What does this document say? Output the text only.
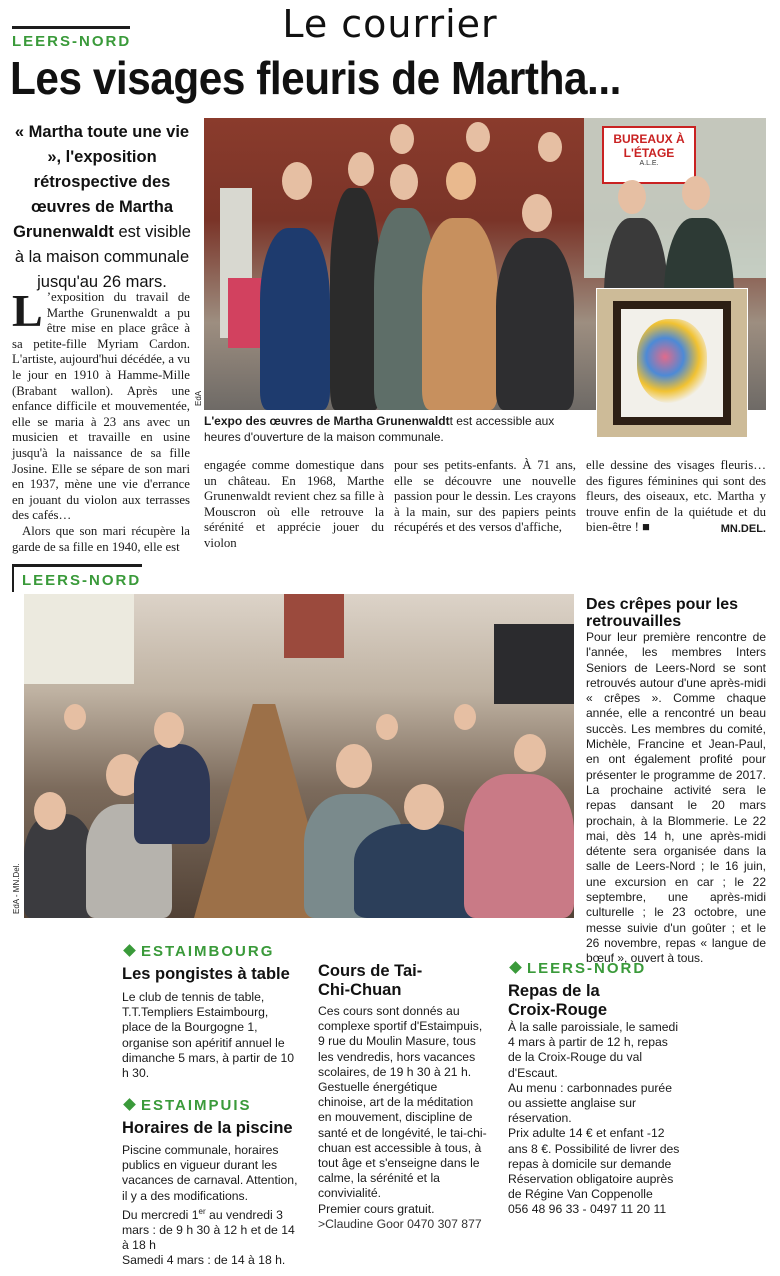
Le courrier
LEERS-NORD
Les visages fleuris de Martha...
« Martha toute une vie », l'exposition rétrospective des œuvres de Martha Grunenwaldt est visible à la maison communale jusqu'au 26 mars.
L ’exposition du travail de Marthe Grunenwaldt a pu être mise en place grâce à sa petite-fille Myriam Cardon. L'artiste, aujourd'hui décédée, a vu le jour en 1910 à Hamme-Mille (Brabant wallon). Après une enfance difficile et mouvementée, elle se maria à 23 ans avec un musicien et travaille en usine jusqu'à la naissance de sa fille Josine. Elle se sépare de son mari en 1937, mène une vie d'errance en jouant du violon aux terrasses des cafés…
Alors que son mari récupère la garde de sa fille en 1940, elle est
BUREAUX À L'ÉTAGE
A.L.E.
EdA
L'expo des œuvres de Martha Grunenwaldtt est accessible aux heures d'ouverture de la maison communale.
engagée comme domestique dans un château. En 1968, Marthe Grunenwaldt revient chez sa fille à Mouscron où elle retrouve la sérénité et apprécie jouer du violon
pour ses petits-enfants. À 71 ans, elle se découvre une nouvelle passion pour le dessin. Les crayons à la main, sur des papiers peints récupérés et des versos d'affiche,
elle dessine des visages fleuris… des figures féminines qui sont des fleurs, des oiseaux, etc. Martha y trouve enfin de la quiétude et du bien-être ! ■	MN.DEL.
LEERS-NORD
EdA - MN.Del.
Des crêpes pour les retrouvailles
Pour leur première rencontre de l'année, les membres Inters Seniors de Leers-Nord se sont retrouvés autour d'une après-midi « crêpes ». Comme chaque année, elle a rencontré un beau succès. Les membres du comité, Michèle, Francine et Jean-Paul, en ont également profité pour présenter le programme de 2017. La prochaine activité sera le repas dansant le 20 mars prochain, à la Blommerie. Le 22 mai, dès 14 h, une après-midi détente sera organisée dans la salle de Leers-Nord ; le 16 juin, une excursion en car ; le 22 septembre, une après-midi culturelle ; le 23 octobre, une messe suivie d'un goûter ; et le 26 novembre, repas « langue de bœuf », ouvert à tous.
ESTAIMBOURG
Les pongistes à table
Le club de tennis de table, T.T.Templiers Estaimbourg, place de la Bourgogne 1, organise son apéritif annuel le dimanche 5 mars, à partir de 10 h 30.
ESTAIMPUIS
Horaires de la piscine
Piscine communale, horaires publics en vigueur durant les vacances de carnaval. Attention, il y a des modifications.
Du mercredi 1er au vendredi 3 mars : de 9 h 30 à 12 h et de 14 à 18 h
Samedi 4 mars : de 14 à 18 h.
Cours de Tai-Chi-Chuan
Ces cours sont donnés au complexe sportif d'Estaimpuis, 9 rue du Moulin Masure, tous les vendredis, hors vacances scolaires, de 19 h 30 à 21 h.
Gestuelle énergétique chinoise, art de la méditation en mouvement, discipline de santé et de longévité, le tai-chi-chuan est accessible à tous, à tout âge et s'enseigne dans le calme, la sérénité et la convivialité.
Premier cours gratuit.
>Claudine Goor 0470 307 877
LEERS-NORD
Repas de la Croix-Rouge
À la salle paroissiale, le samedi 4 mars à partir de 12 h, repas de la Croix-Rouge du val d'Escaut.
Au menu : carbonnades purée ou assiette anglaise sur réservation.
Prix adulte 14 € et enfant -12 ans 8 €. Possibilité de livrer des repas à domicile sur demande Réservation obligatoire auprès de Régine Van Coppenolle
056 48 96 33 - 0497 11 20 11
